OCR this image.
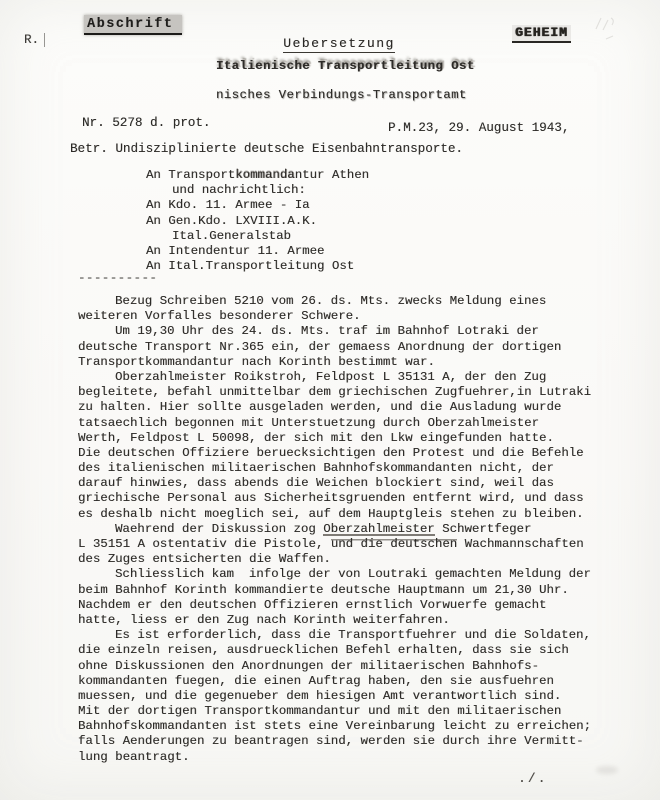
R.
Abschrift
GEHEIM
Uebersetzung
Italienische Transportleitung Ost
nisches Verbindungs-Transportamt
Nr. 5278 d. prot.	P.M.23, 29. August 1943,
Betr. Undisziplinierte deutsche Eisenbahntransporte.
An Transportkommandantur Athen
und nachrichtlich:
An Kdo. 11. Armee - Ia
An Gen.Kdo. LXVIII.A.K.
Ital.Generalstab
An Intendentur 11. Armee
An Ital.Transportleitung Ost
----------
Bezug Schreiben 5210 vom 26. ds. Mts. zwecks Meldung eines
weiteren Vorfalles besonderer Schwere.
Um 19,30 Uhr des 24. ds. Mts. traf im Bahnhof Lotraki der
deutsche Transport Nr.365 ein, der gemaess Anordnung der dortigen
Transportkommandantur nach Korinth bestimmt war.
Oberzahlmeister Roikstroh, Feldpost L 35131 A, der den Zug
begleitete, befahl unmittelbar dem griechischen Zugfuehrer,in Lutraki
zu halten. Hier sollte ausgeladen werden, und die Ausladung wurde
tatsaechlich begonnen mit Unterstuetzung durch Oberzahlmeister
Werth, Feldpost L 50098, der sich mit den Lkw eingefunden hatte.
Die deutschen Offiziere beruecksichtigen den Protest und die Befehle
des italienischen militaerischen Bahnhofskommandanten nicht, der
darauf hinwies, dass abends die Weichen blockiert sind, weil das
griechische Personal aus Sicherheitsgruenden entfernt wird, und dass
es deshalb nicht moeglich sei, auf dem Hauptgleis stehen zu bleiben.
Waehrend der Diskussion zog Oberzahlmeister Schwertfeger
L 35151 A ostentativ die Pistole, und die deutschen Wachmannschaften
des Zuges entsicherten die Waffen.
Schliesslich kam  infolge der von Loutraki gemachten Meldung der
beim Bahnhof Korinth kommandierte deutsche Hauptmann um 21,30 Uhr.
Nachdem er den deutschen Offizieren ernstlich Vorwuerfe gemacht
hatte, liess er den Zug nach Korinth weiterfahren.
Es ist erforderlich, dass die Transportfuehrer und die Soldaten,
die einzeln reisen, ausdruecklichen Befehl erhalten, dass sie sich
ohne Diskussionen den Anordnungen der militaerischen Bahnhofs-
kommandanten fuegen, die einen Auftrag haben, den sie ausfuehren
muessen, und die gegenueber dem hiesigen Amt verantwortlich sind.
Mit der dortigen Transportkommandantur und mit den militaerischen
Bahnhofskommandanten ist stets eine Vereinbarung leicht zu erreichen;
falls Aenderungen zu beantragen sind, werden sie durch ihre Vermitt-
lung beantragt.
./.
